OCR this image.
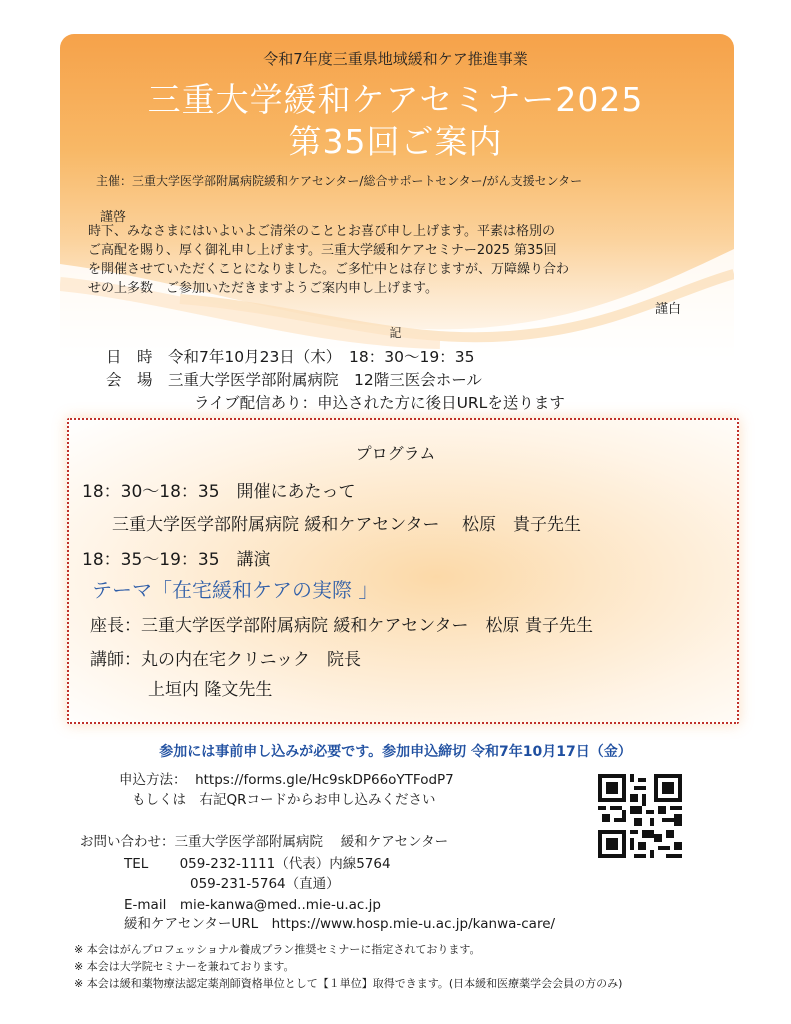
令和7年度三重県地域緩和ケア推進事業
三重大学緩和ケアセミナー2025
第35回ご案内
主催：三重大学医学部附属病院緩和ケアセンター/総合サポートセンター/がん支援センター
謹啓
時下、みなさまにはいよいよご清栄のこととお喜び申し上げます。平素は格別の
ご高配を賜り、厚く御礼申し上げます。三重大学緩和ケアセミナー2025 第35回
を開催させていただくことになりました。ご多忙中とは存じますが、万障繰り合わ
せの上多数　ご参加いただきますようご案内申し上げます。
謹白
記
日　時　令和7年10月23日（木）　18：30～19：35
会　場　三重大学医学部附属病院　12階三医会ホール
ライブ配信あり：申込された方に後日URLを送ります
プログラム
18：30～18：35　開催にあたって
三重大学医学部附属病院 緩和ケアセンター　 松原　貴子先生
18：35～19：35　講演
テーマ「在宅緩和ケアの実際 」
座長：三重大学医学部附属病院 緩和ケアセンター　松原 貴子先生
講師：丸の内在宅クリニック　院長
上垣内 隆文先生
参加には事前申し込みが必要です。参加申込締切 令和7年10月17日（金）
申込方法：  https://forms.gle/Hc9skDP66oYTFodP7
もしくは　右記QRコードからお申し込みください
お問い合わせ：三重大学医学部附属病院　 緩和ケアセンター
TEL　　 059-232-1111（代表）内線5764
059-231-5764（直通）
E-mail　mie-kanwa@med..mie-u.ac.jp
緩和ケアセンターURL　https://www.hosp.mie-u.ac.jp/kanwa-care/
※ 本会はがんプロフェッショナル養成プラン推奨セミナーに指定されております。
※ 本会は大学院セミナーを兼ねております。
※ 本会は緩和薬物療法認定薬剤師資格単位として【１単位】取得できます。(日本緩和医療薬学会会員の方のみ)
